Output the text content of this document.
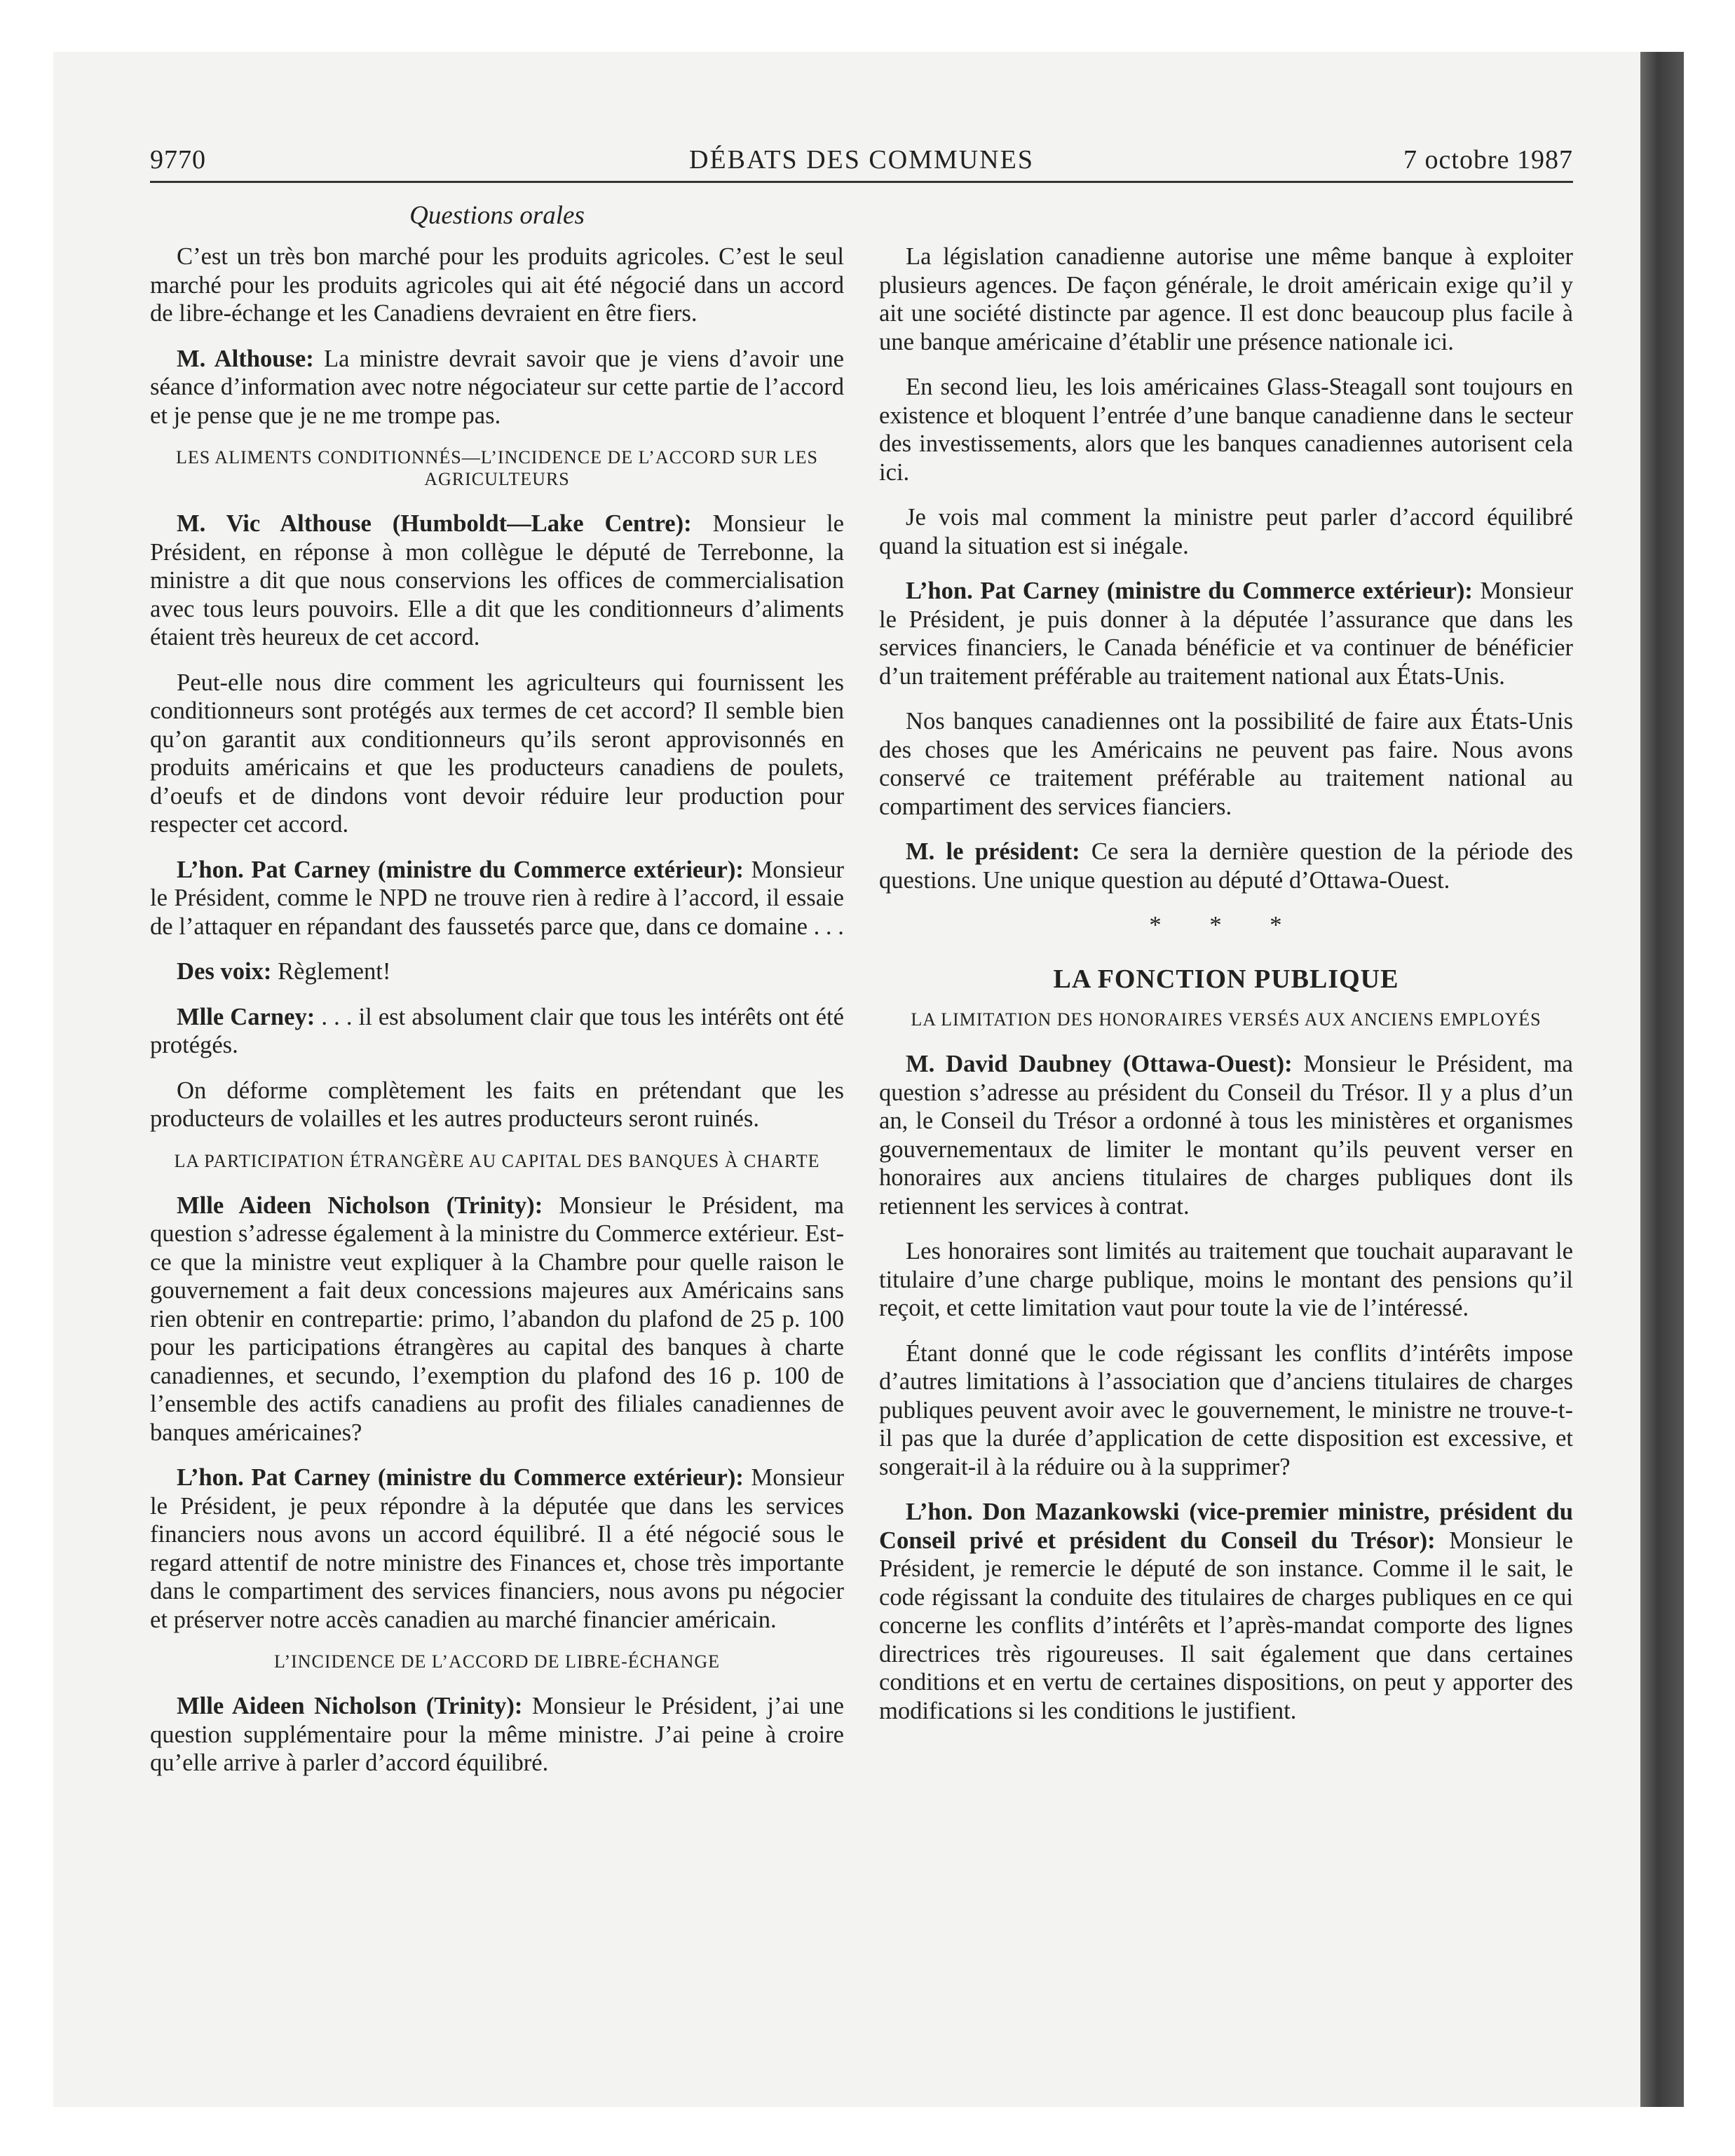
9770	DÉBATS DES COMMUNES	7 octobre 1987
Questions orales

C’est un très bon marché pour les produits agricoles. C’est le seul marché pour les produits agricoles qui ait été négocié dans un accord de libre-échange et les Canadiens devraient en être fiers.

M. Althouse: La ministre devrait savoir que je viens d’avoir une séance d’information avec notre négociateur sur cette partie de l’accord et je pense que je ne me trompe pas.

LES ALIMENTS CONDITIONNÉS—L’INCIDENCE DE L’ACCORD SUR LES AGRICULTEURS

M. Vic Althouse (Humboldt—Lake Centre): Monsieur le Président, en réponse à mon collègue le député de Terrebonne, la ministre a dit que nous conservions les offices de commercialisation avec tous leurs pouvoirs. Elle a dit que les conditionneurs d’aliments étaient très heureux de cet accord.

Peut-elle nous dire comment les agriculteurs qui fournissent les conditionneurs sont protégés aux termes de cet accord? Il semble bien qu’on garantit aux conditionneurs qu’ils seront approvisonnés en produits américains et que les producteurs canadiens de poulets, d’oeufs et de dindons vont devoir réduire leur production pour respecter cet accord.

L’hon. Pat Carney (ministre du Commerce extérieur): Monsieur le Président, comme le NPD ne trouve rien à redire à l’accord, il essaie de l’attaquer en répandant des faussetés parce que, dans ce domaine . . .

Des voix: Règlement!

Mlle Carney: . . . il est absolument clair que tous les intérêts ont été protégés.

On déforme complètement les faits en prétendant que les producteurs de volailles et les autres producteurs seront ruinés.

LA PARTICIPATION ÉTRANGÈRE AU CAPITAL DES BANQUES À CHARTE

Mlle Aideen Nicholson (Trinity): Monsieur le Président, ma question s’adresse également à la ministre du Commerce extérieur. Est-ce que la ministre veut expliquer à la Chambre pour quelle raison le gouvernement a fait deux concessions majeures aux Américains sans rien obtenir en contrepartie: primo, l’abandon du plafond de 25 p. 100 pour les participations étrangères au capital des banques à charte canadiennes, et secundo, l’exemption du plafond des 16 p. 100 de l’ensemble des actifs canadiens au profit des filiales canadiennes de banques américaines?

L’hon. Pat Carney (ministre du Commerce extérieur): Monsieur le Président, je peux répondre à la députée que dans les services financiers nous avons un accord équilibré. Il a été négocié sous le regard attentif de notre ministre des Finances et, chose très importante dans le compartiment des services financiers, nous avons pu négocier et préserver notre accès canadien au marché financier américain.

L’INCIDENCE DE L’ACCORD DE LIBRE-ÉCHANGE

Mlle Aideen Nicholson (Trinity): Monsieur le Président, j’ai une question supplémentaire pour la même ministre. J’ai peine à croire qu’elle arrive à parler d’accord équilibré.

La législation canadienne autorise une même banque à exploiter plusieurs agences. De façon générale, le droit américain exige qu’il y ait une société distincte par agence. Il est donc beaucoup plus facile à une banque américaine d’établir une présence nationale ici.

En second lieu, les lois américaines Glass-Steagall sont toujours en existence et bloquent l’entrée d’une banque canadienne dans le secteur des investissements, alors que les banques canadiennes autorisent cela ici.

Je vois mal comment la ministre peut parler d’accord équilibré quand la situation est si inégale.

L’hon. Pat Carney (ministre du Commerce extérieur): Monsieur le Président, je puis donner à la députée l’assurance que dans les services financiers, le Canada bénéficie et va continuer de bénéficier d’un traitement préférable au traitement national aux États-Unis.

Nos banques canadiennes ont la possibilité de faire aux États-Unis des choses que les Américains ne peuvent pas faire. Nous avons conservé ce traitement préférable au traitement national au compartiment des services fianciers.

M. le président: Ce sera la dernière question de la période des questions. Une unique question au député d’Ottawa-Ouest.

* * *

LA FONCTION PUBLIQUE

LA LIMITATION DES HONORAIRES VERSÉS AUX ANCIENS EMPLOYÉS

M. David Daubney (Ottawa-Ouest): Monsieur le Président, ma question s’adresse au président du Conseil du Trésor. Il y a plus d’un an, le Conseil du Trésor a ordonné à tous les ministères et organismes gouvernementaux de limiter le montant qu’ils peuvent verser en honoraires aux anciens titulaires de charges publiques dont ils retiennent les services à contrat.

Les honoraires sont limités au traitement que touchait auparavant le titulaire d’une charge publique, moins le montant des pensions qu’il reçoit, et cette limitation vaut pour toute la vie de l’intéressé.

Étant donné que le code régissant les conflits d’intérêts impose d’autres limitations à l’association que d’anciens titulaires de charges publiques peuvent avoir avec le gouvernement, le ministre ne trouve-t-il pas que la durée d’application de cette disposition est excessive, et songerait-il à la réduire ou à la supprimer?

L’hon. Don Mazankowski (vice-premier ministre, président du Conseil privé et président du Conseil du Trésor): Monsieur le Président, je remercie le député de son instance. Comme il le sait, le code régissant la conduite des titulaires de charges publiques en ce qui concerne les conflits d’intérêts et l’après-mandat comporte des lignes directrices très rigoureuses. Il sait également que dans certaines conditions et en vertu de certaines dispositions, on peut y apporter des modifications si les conditions le justifient.
